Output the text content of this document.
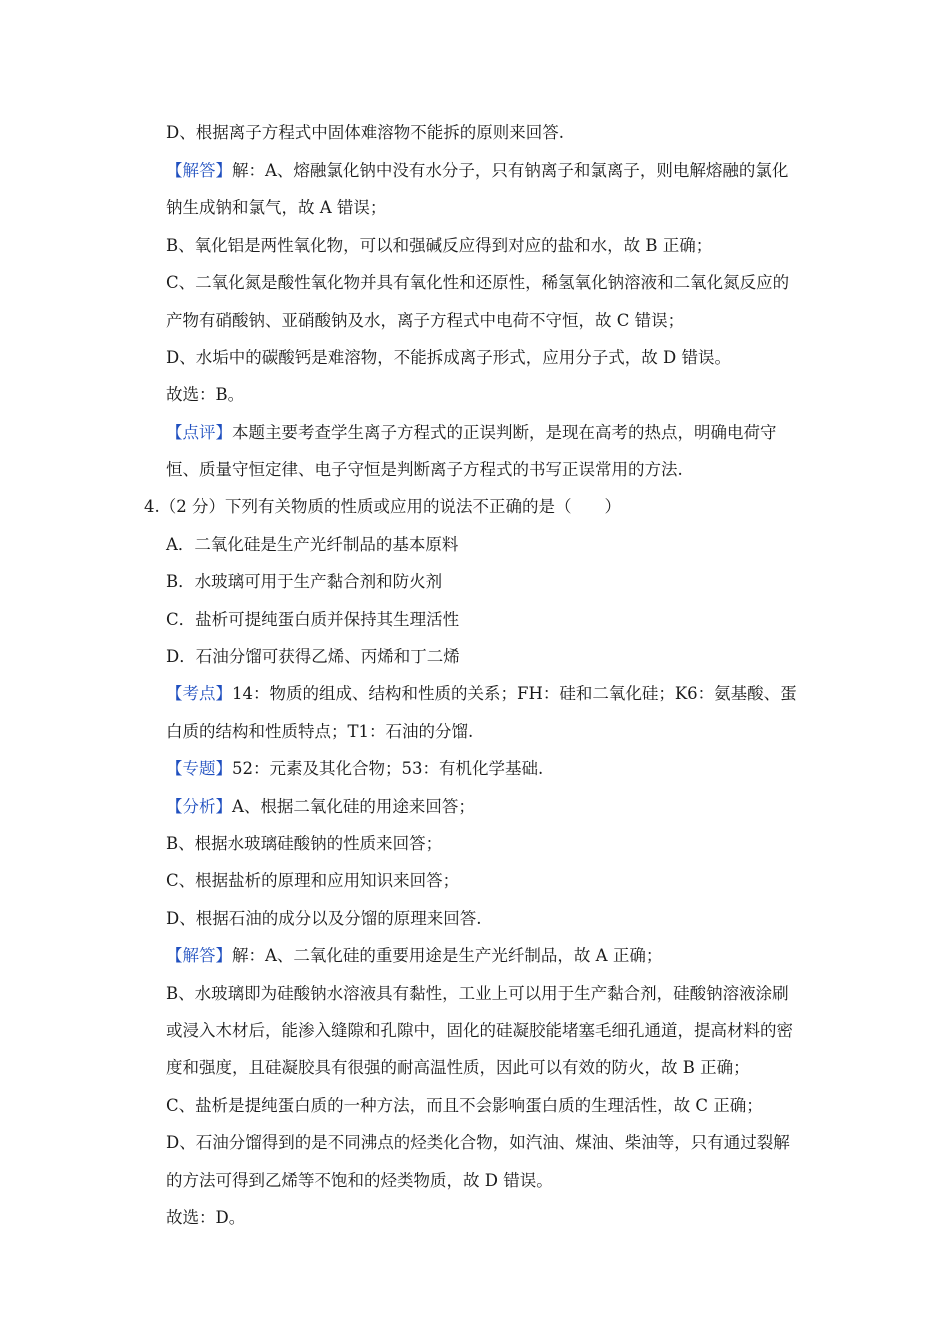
D、根据离子方程式中固体难溶物不能拆的原则来回答.
【解答】解：A、熔融氯化钠中没有水分子，只有钠离子和氯离子，则电解熔融的氯化
钠生成钠和氯气，故 A 错误；
B、氧化铝是两性氧化物，可以和强碱反应得到对应的盐和水，故 B 正确；
C、二氧化氮是酸性氧化物并具有氧化性和还原性，稀氢氧化钠溶液和二氧化氮反应的
产物有硝酸钠、亚硝酸钠及水，离子方程式中电荷不守恒，故 C 错误；
D、水垢中的碳酸钙是难溶物，不能拆成离子形式，应用分子式，故 D 错误。
故选：B。
【点评】本题主要考查学生离子方程式的正误判断，是现在高考的热点，明确电荷守
恒、质量守恒定律、电子守恒是判断离子方程式的书写正误常用的方法.
4.（2 分）下列有关物质的性质或应用的说法不正确的是（　　）
A．二氧化硅是生产光纤制品的基本原料
B．水玻璃可用于生产黏合剂和防火剂
C．盐析可提纯蛋白质并保持其生理活性
D．石油分馏可获得乙烯、丙烯和丁二烯
【考点】14：物质的组成、结构和性质的关系；FH：硅和二氧化硅；K6：氨基酸、蛋
白质的结构和性质特点；T1：石油的分馏.
【专题】52：元素及其化合物；53：有机化学基础.
【分析】A、根据二氧化硅的用途来回答；
B、根据水玻璃硅酸钠的性质来回答；
C、根据盐析的原理和应用知识来回答；
D、根据石油的成分以及分馏的原理来回答.
【解答】解：A、二氧化硅的重要用途是生产光纤制品，故 A 正确；
B、水玻璃即为硅酸钠水溶液具有黏性，工业上可以用于生产黏合剂，硅酸钠溶液涂刷
或浸入木材后，能渗入缝隙和孔隙中，固化的硅凝胶能堵塞毛细孔通道，提高材料的密
度和强度，且硅凝胶具有很强的耐高温性质，因此可以有效的防火，故 B 正确；
C、盐析是提纯蛋白质的一种方法，而且不会影响蛋白质的生理活性，故 C 正确；
D、石油分馏得到的是不同沸点的烃类化合物，如汽油、煤油、柴油等，只有通过裂解
的方法可得到乙烯等不饱和的烃类物质，故 D 错误。
故选：D。
